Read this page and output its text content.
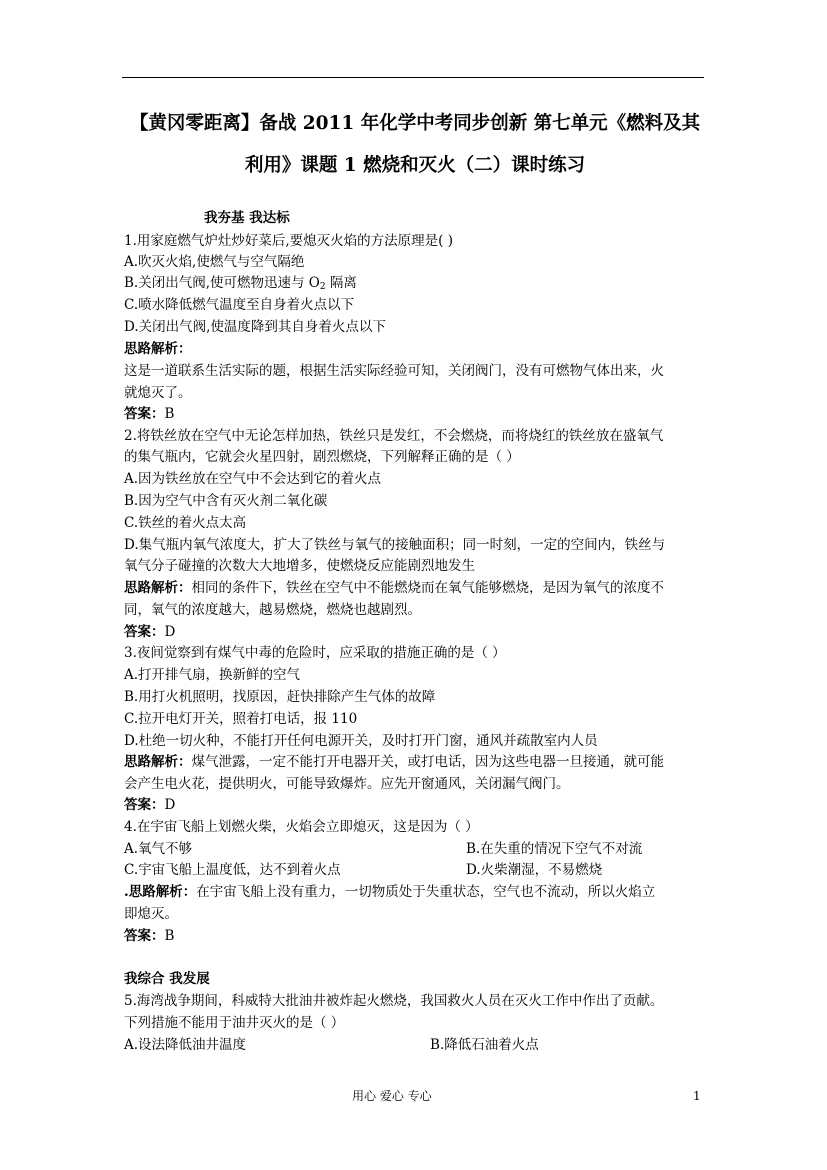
【黄冈零距离】备战 2011 年化学中考同步创新 第七单元《燃料及其
利用》课题 1 燃烧和灭火（二）课时练习
我夯基 我达标
1.用家庭燃气炉灶炒好菜后,要熄灭火焰的方法原理是( )
A.吹灭火焰,使燃气与空气隔绝
B.关闭出气阀,使可燃物迅速与 $O_2$ 隔离
C.喷水降低燃气温度至自身着火点以下
D.关闭出气阀,使温度降到其自身着火点以下
思路解析：
这是一道联系生活实际的题，根据生活实际经验可知，关闭阀门，没有可燃物气体出来，火
就熄灭了。
答案：B
2.将铁丝放在空气中无论怎样加热，铁丝只是发红，不会燃烧，而将烧红的铁丝放在盛氧气
的集气瓶内，它就会火星四射，剧烈燃烧，下列解释正确的是（ ）
A.因为铁丝放在空气中不会达到它的着火点
B.因为空气中含有灭火剂二氧化碳
C.铁丝的着火点太高
D.集气瓶内氧气浓度大，扩大了铁丝与氧气的接触面积；同一时刻，一定的空间内，铁丝与
氧气分子碰撞的次数大大地增多，使燃烧反应能剧烈地发生
思路解析：相同的条件下，铁丝在空气中不能燃烧而在氧气能够燃烧，是因为氧气的浓度不
同，氧气的浓度越大，越易燃烧，燃烧也越剧烈。
答案：D
3.夜间觉察到有煤气中毒的危险时，应采取的措施正确的是（ ）
A.打开排气扇，换新鲜的空气
B.用打火机照明，找原因，赶快排除产生气体的故障
C.拉开电灯开关，照着打电话，报 110
D.杜绝一切火种，不能打开任何电源开关，及时打开门窗，通风并疏散室内人员
思路解析：煤气泄露，一定不能打开电器开关，或打电话，因为这些电器一旦接通，就可能
会产生电火花，提供明火，可能导致爆炸。应先开窗通风，关闭漏气阀门。
答案：D
4.在宇宙飞船上划燃火柴，火焰会立即熄灭，这是因为（ ）
A.氧气不够	B.在失重的情况下空气不对流
C.宇宙飞船上温度低，达不到着火点	D.火柴潮湿，不易燃烧
.思路解析：在宇宙飞船上没有重力，一切物质处于失重状态，空气也不流动，所以火焰立
即熄灭。
答案：B
我综合 我发展
5.海湾战争期间，科威特大批油井被炸起火燃烧，我国救火人员在灭火工作中作出了贡献。
下列措施不能用于油井灭火的是（ ）
A.设法降低油井温度	B.降低石油着火点
用心 爱心 专心	1
